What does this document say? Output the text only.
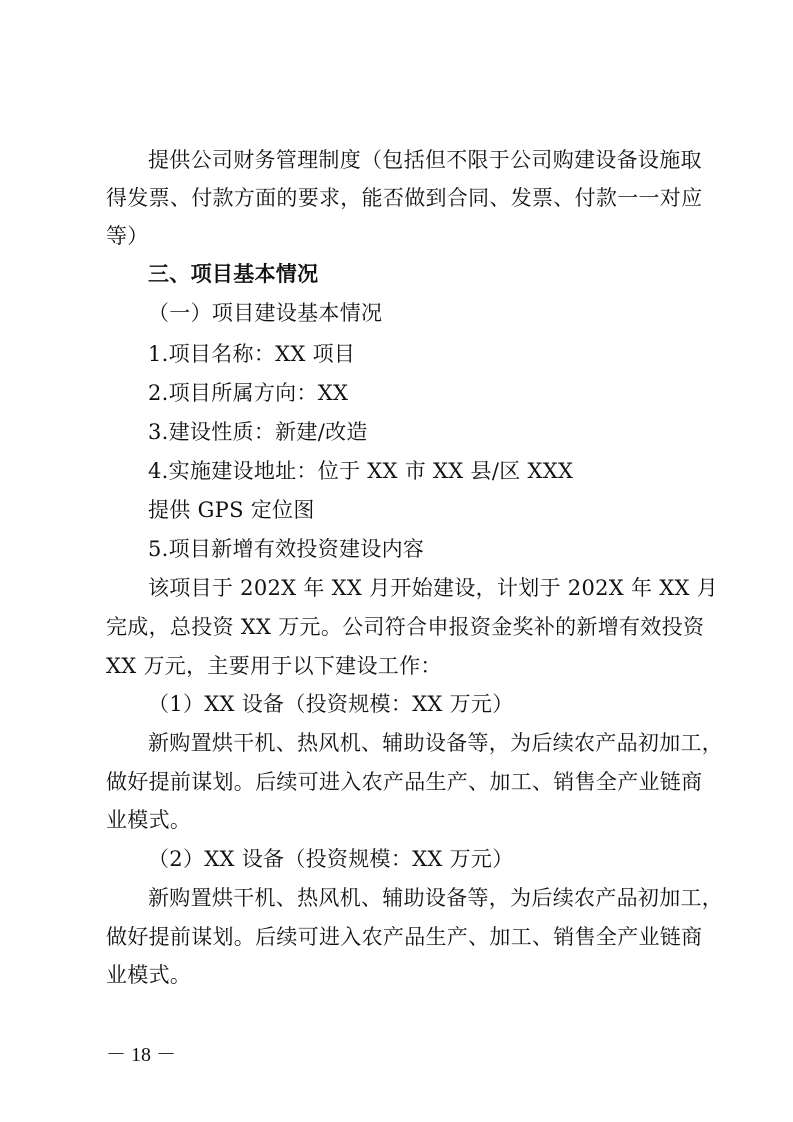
提供公司财务管理制度（包括但不限于公司购建设备设施取
得发票、付款方面的要求，能否做到合同、发票、付款一一对应
等）
三、项目基本情况
（一）项目建设基本情况
1.项目名称：XX 项目
2.项目所属方向：XX
3.建设性质：新建/改造
4.实施建设地址：位于 XX 市 XX 县/区 XXX
提供 GPS 定位图
5.项目新增有效投资建设内容
该项目于 202X 年 XX 月开始建设，计划于 202X 年 XX 月
完成，总投资 XX 万元。公司符合申报资金奖补的新增有效投资
XX 万元，主要用于以下建设工作：
（1）XX 设备（投资规模：XX 万元）
新购置烘干机、热风机、辅助设备等，为后续农产品初加工，
做好提前谋划。后续可进入农产品生产、加工、销售全产业链商
业模式。
（2）XX 设备（投资规模：XX 万元）
新购置烘干机、热风机、辅助设备等，为后续农产品初加工，
做好提前谋划。后续可进入农产品生产、加工、销售全产业链商
业模式。
－ 18 －
